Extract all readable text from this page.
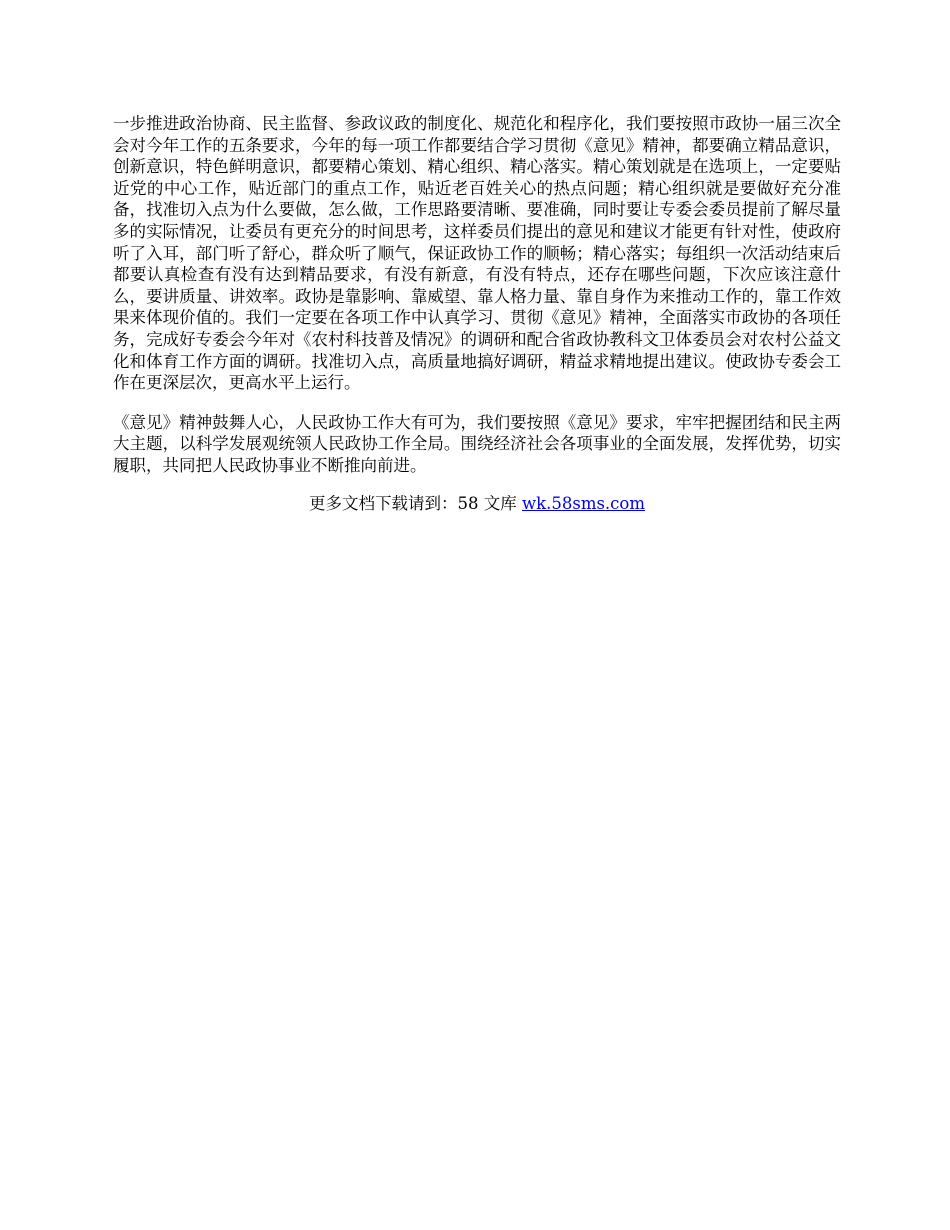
一步推进政治协商、民主监督、参政议政的制度化、规范化和程序化，我们要按照市政协一届三次全会对今年工作的五条要求，今年的每一项工作都要结合学习贯彻《意见》精神，都要确立精品意识，创新意识，特色鲜明意识，都要精心策划、精心组织、精心落实。精心策划就是在选项上，一定要贴近党的中心工作，贴近部门的重点工作，贴近老百姓关心的热点问题；精心组织就是要做好充分准备，找准切入点为什么要做，怎么做，工作思路要清晰、要准确，同时要让专委会委员提前了解尽量多的实际情况，让委员有更充分的时间思考，这样委员们提出的意见和建议才能更有针对性，使政府听了入耳，部门听了舒心，群众听了顺气，保证政协工作的顺畅；精心落实；每组织一次活动结束后都要认真检查有没有达到精品要求，有没有新意，有没有特点，还存在哪些问题，下次应该注意什么，要讲质量、讲效率。政协是靠影响、靠威望、靠人格力量、靠自身作为来推动工作的，靠工作效果来体现价值的。我们一定要在各项工作中认真学习、贯彻《意见》精神，全面落实市政协的各项任务，完成好专委会今年对《农村科技普及情况》的调研和配合省政协教科文卫体委员会对农村公益文化和体育工作方面的调研。找准切入点，高质量地搞好调研，精益求精地提出建议。使政协专委会工作在更深层次，更高水平上运行。

《意见》精神鼓舞人心，人民政协工作大有可为，我们要按照《意见》要求，牢牢把握团结和民主两大主题，以科学发展观统领人民政协工作全局。围绕经济社会各项事业的全面发展，发挥优势，切实履职，共同把人民政协事业不断推向前进。

更多文档下载请到：58 文库 wk.58sms.com
